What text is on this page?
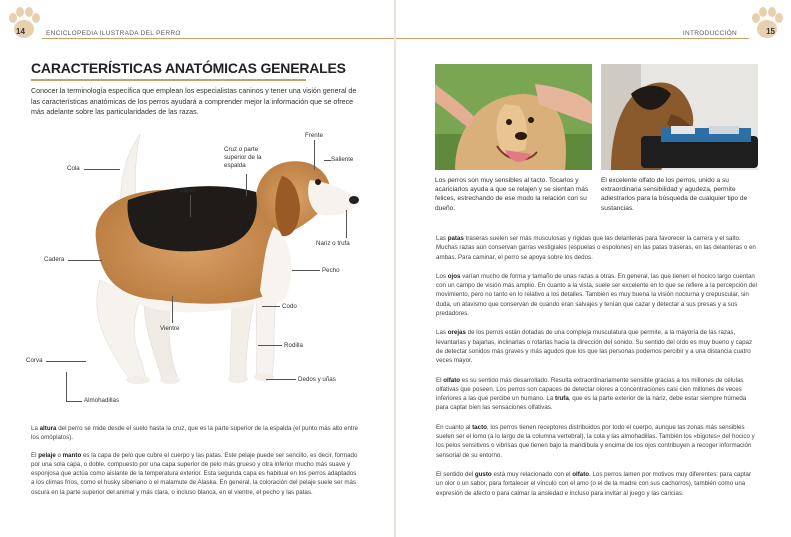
14	ENCICLOPEDIA ILUSTRADA DEL PERRO
CARACTERÍSTICAS ANATÓMICAS GENERALES

Conocer la terminología específica que emplean los especialistas caninos y tener una visión general de las características anatómicas de los perros ayudará a comprender mejor la información que se ofrece más adelante sobre las particularidades de las razas.

Frente
Cruz o parte superior de la espalda
Saliente
Cola
Lomo
Nariz o trufa
Cadera
Pecho
Codo
Vientre
Rodilla
Corva
Dedos y uñas
Almohadillas

La altura del perro se mide desde el suelo hasta la cruz, que es la parte superior de la espalda (el punto más alto entre los omóplatos).

El pelaje o manto es la capa de pelo que cubre el cuerpo y las patas. Este pelaje puede ser sencillo, es decir, formado por una sola capa, o doble, compuesto por una capa superior de pelo más grueso y otra inferior mucho más suave y esponjosa que actúa como aislante de la temperatura exterior. Esta segunda capa es habitual en los perros adaptados a los climas fríos, como el husky siberiano o el malamute de Alaska. En general, la coloración del pelaje suele ser más oscura en la parte superior del animal y más clara, o incluso blanca, en el vientre, el pecho y las patas.

INTRODUCCIÓN	15

Los perros son muy sensibles al tacto. Tocarlos y acariciarlos ayuda a que se relajen y se sientan más felices, estrechando de ese modo la relación con su dueño.

El excelente olfato de los perros, unido a su extraordinaria sensibilidad y agudeza, permite adiestrarlos para la búsqueda de cualquier tipo de sustancias.

Las patas traseras suelen ser más musculosas y rígidas que las delanteras para favorecer la carrera y el salto. Muchas razas aún conservan garras vestigiales (espuelas o espolones) en las patas traseras, en las delanteras o en ambas. Para caminar, el perro se apoya sobre los dedos.

Los ojos varían mucho de forma y tamaño de unas razas a otras. En general, las que tienen el hocico largo cuentan con un campo de visión más amplio. En cuanto a la vista, suele ser excelente en lo que se refiere a la percepción del movimiento, pero no tanto en lo relativo a los detalles. También es muy buena la visión nocturna y crepuscular, sin duda, un atavismo que conservan de cuando eran salvajes y tenían que cazar y detectar a sus presas y a sus predadores.

Las orejas de los perros están dotadas de una compleja musculatura que permite, a la mayoría de las razas, levantarlas y bajarlas, inclinarlas o rotarlas hacia la dirección del sonido. Su sentido del oído es muy bueno y capaz de detectar sonidos más graves y más agudos que los que las personas podemos percibir y a una distancia cuatro veces mayor.

El olfato es su sentido más desarrollado. Resulta extraordinariamente sensible gracias a los millones de células olfativas que poseen. Los perros son capaces de detectar olores a concentraciones casi cien millones de veces inferiores a las que percibe un humano. La trufa, que es la parte exterior de la nariz, debe estar siempre húmeda para captar bien las sensaciones olfativas.

En cuanto al tacto, los perros tienen receptores distribuidos por todo el cuerpo, aunque las zonas más sensibles suelen ser el lomo (a lo largo de la columna vertebral), la cola y las almohadillas. También los «bigotes» del hocico y los pelos sensitivos o vibrisas que tienen bajo la mandíbula y encima de los ojos contribuyen a recoger información sensorial de su entorno.

El sentido del gusto está muy relacionado con el olfato. Los perros lamen por motivos muy diferentes: para captar un olor o un sabor, para fortalecer el vínculo con el amo (o el de la madre con sus cachorros), también como una expresión de afecto o para calmar la ansiedad e incluso para invitar al juego y las caricias.
